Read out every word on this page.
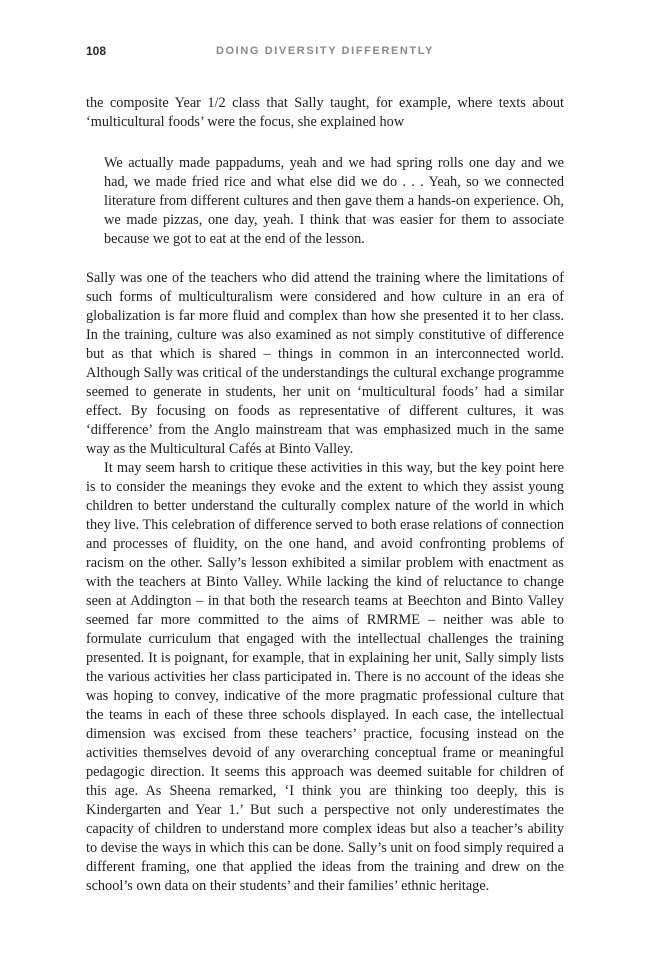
108	DOING DIVERSITY DIFFERENTLY

the composite Year 1/2 class that Sally taught, for example, where texts about ‘multicultural foods’ were the focus, she explained how

We actually made pappadums, yeah and we had spring rolls one day and we had, we made fried rice and what else did we do . . . Yeah, so we connected literature from different cultures and then gave them a hands-on experience. Oh, we made pizzas, one day, yeah. I think that was easier for them to associate because we got to eat at the end of the lesson.

Sally was one of the teachers who did attend the training where the limitations of such forms of multiculturalism were considered and how culture in an era of globalization is far more fluid and complex than how she presented it to her class. In the training, culture was also examined as not simply constitutive of difference but as that which is shared – things in common in an interconnected world. Although Sally was critical of the understandings the cultural exchange programme seemed to generate in students, her unit on ‘multicultural foods’ had a similar effect. By focusing on foods as representative of different cultures, it was ‘difference’ from the Anglo mainstream that was emphasized much in the same way as the Multicultural Cafés at Binto Valley.

It may seem harsh to critique these activities in this way, but the key point here is to consider the meanings they evoke and the extent to which they assist young children to better understand the culturally complex nature of the world in which they live. This celebration of difference served to both erase relations of connection and processes of fluidity, on the one hand, and avoid confronting problems of racism on the other. Sally’s lesson exhibited a similar problem with enactment as with the teachers at Binto Valley. While lacking the kind of reluctance to change seen at Addington – in that both the research teams at Beechton and Binto Valley seemed far more committed to the aims of RMRME – neither was able to formulate curriculum that engaged with the intellectual challenges the training presented. It is poignant, for example, that in explaining her unit, Sally simply lists the various activities her class participated in. There is no account of the ideas she was hoping to convey, indicative of the more pragmatic professional culture that the teams in each of these three schools displayed. In each case, the intellectual dimension was excised from these teachers’ practice, focusing instead on the activities themselves devoid of any overarching conceptual frame or meaningful pedagogic direction. It seems this approach was deemed suitable for children of this age. As Sheena remarked, ‘I think you are thinking too deeply, this is Kindergarten and Year 1.’ But such a perspective not only underestimates the capacity of children to understand more complex ideas but also a teacher’s ability to devise the ways in which this can be done. Sally’s unit on food simply required a different framing, one that applied the ideas from the training and drew on the school’s own data on their students’ and their families’ ethnic heritage.
